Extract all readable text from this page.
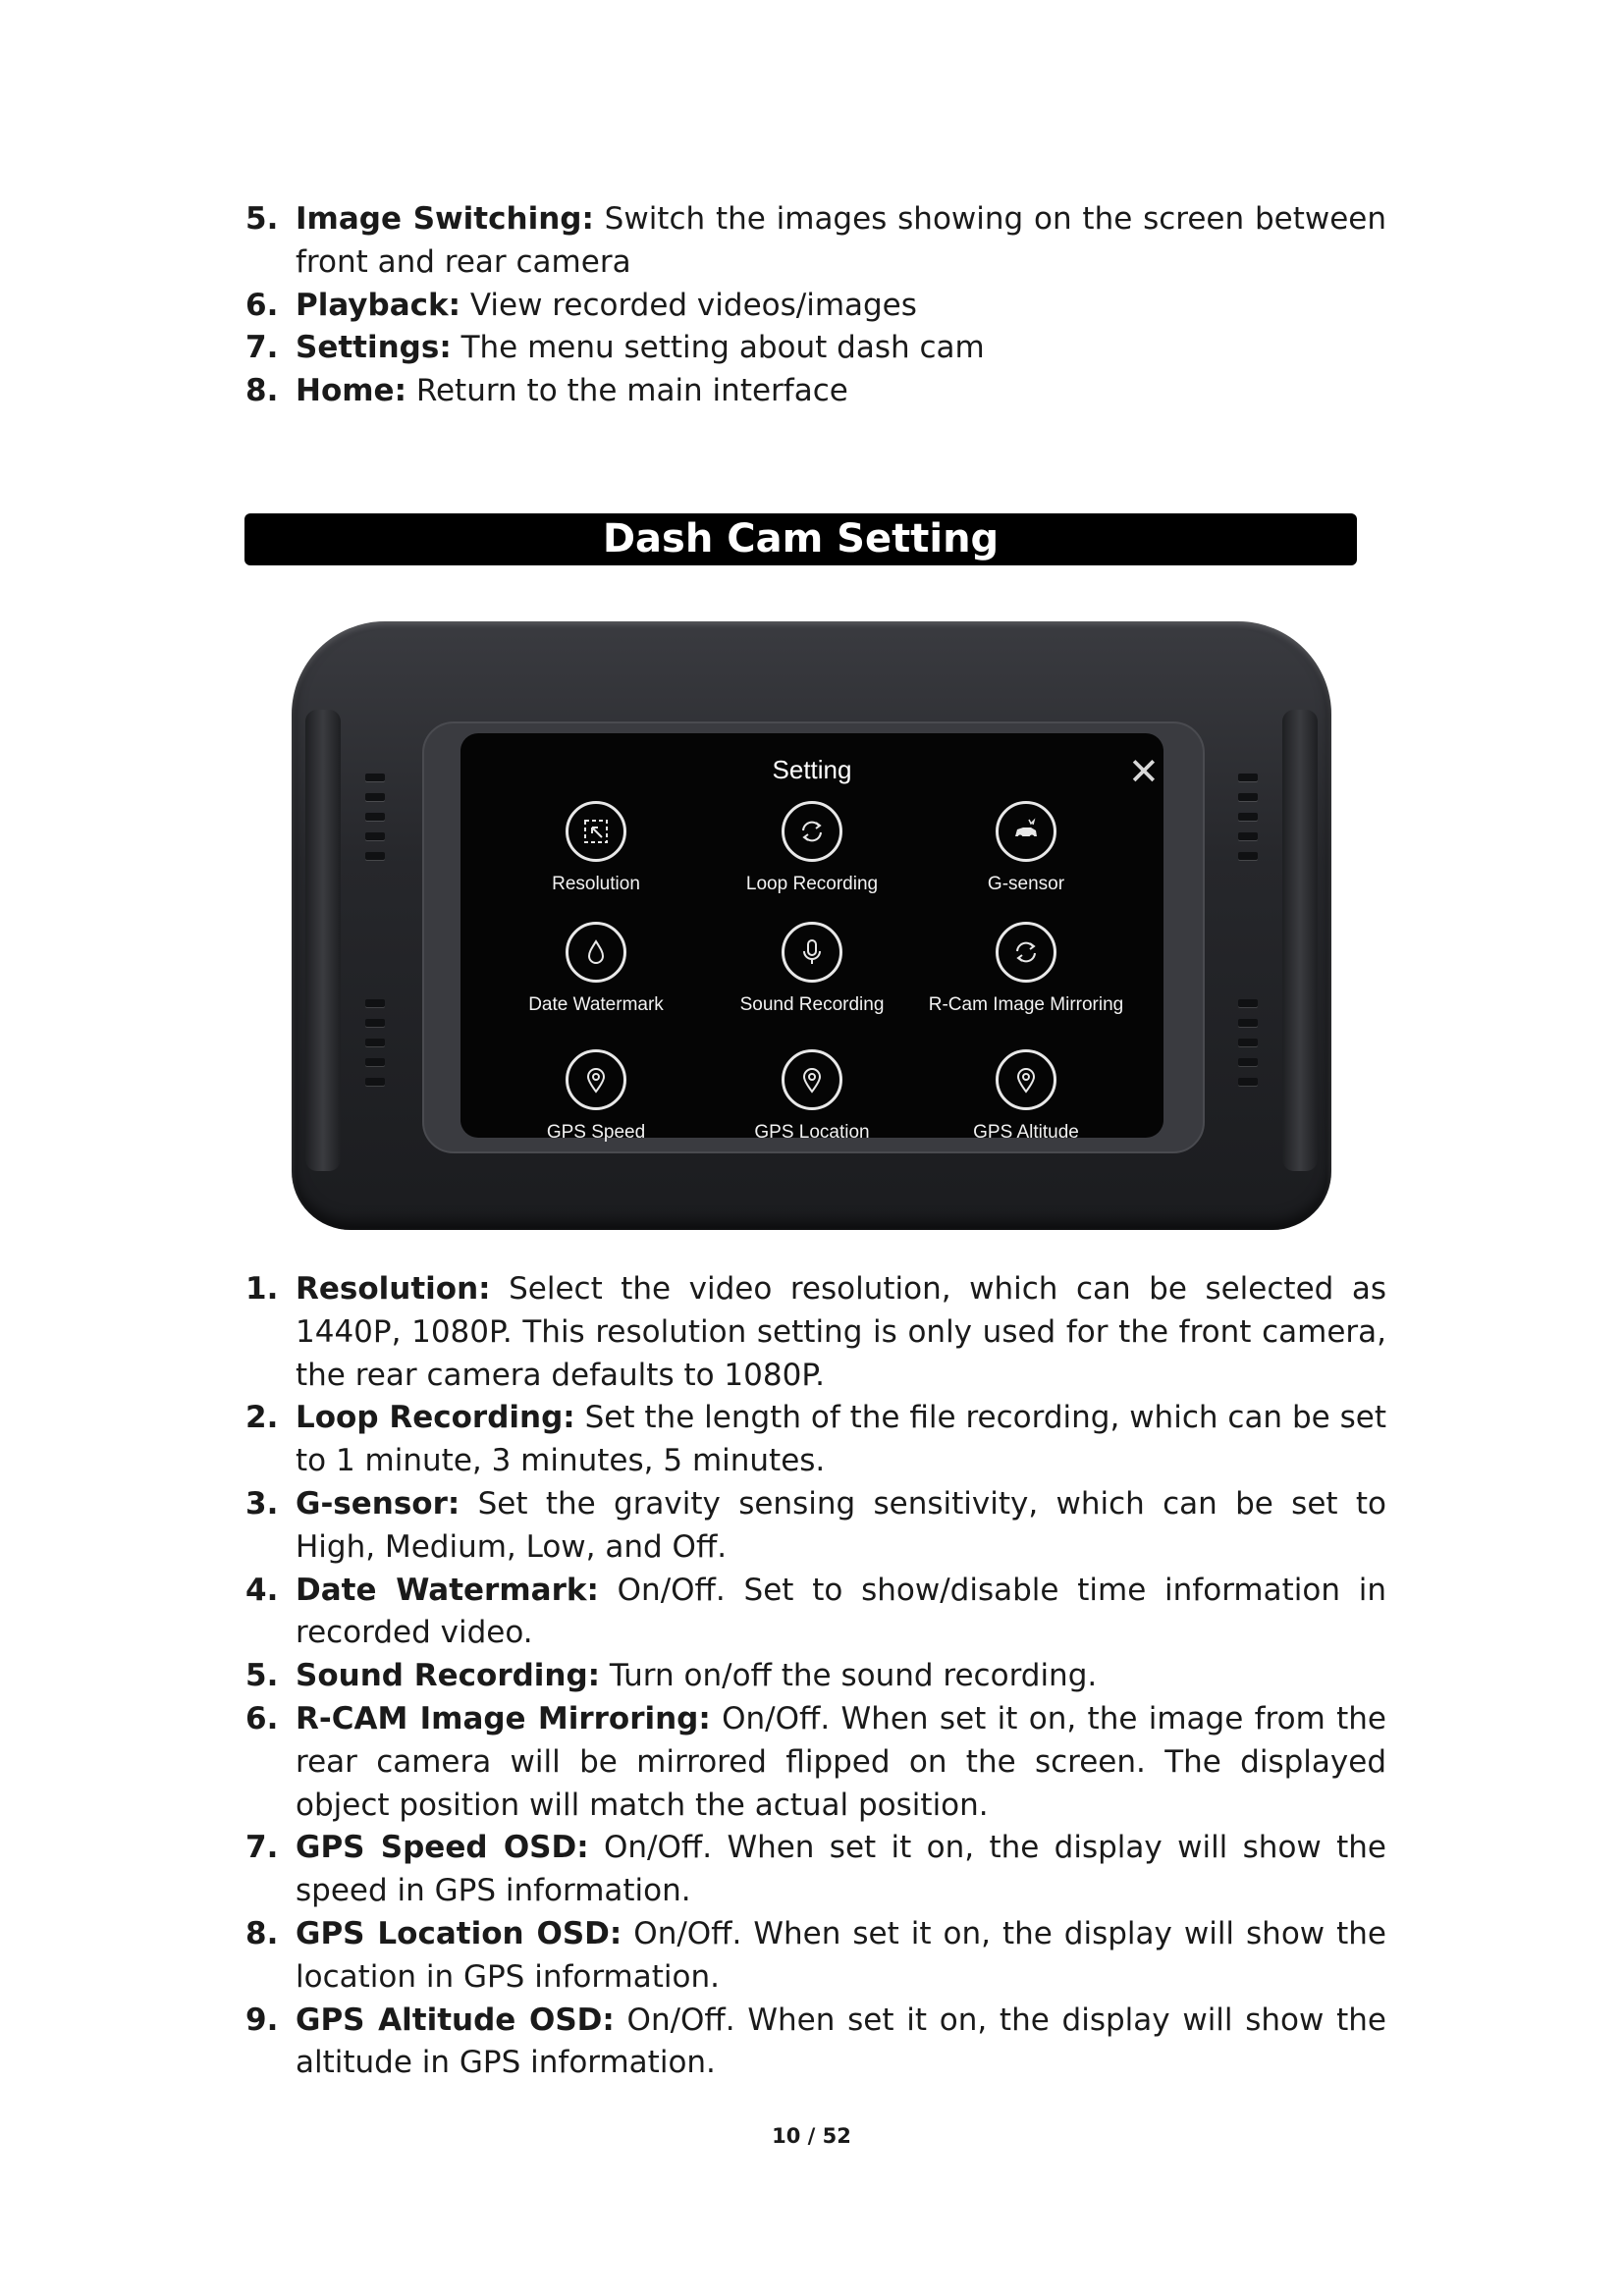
5. Image Switching: Switch the images showing on the screen between front and rear camera
6. Playback: View recorded videos/images
7. Settings: The menu setting about dash cam
8. Home: Return to the main interface
Dash Cam Setting
Setting	✕
Resolution	Loop Recording	G-sensor
Date Watermark	Sound Recording	R-Cam Image Mirroring
GPS Speed	GPS Location	GPS Altitude
1. Resolution: Select the video resolution, which can be selected as 1440P, 1080P. This resolution setting is only used for the front camera, the rear camera defaults to 1080P.
2. Loop Recording: Set the length of the file recording, which can be set to 1 minute, 3 minutes, 5 minutes.
3. G-sensor: Set the gravity sensing sensitivity, which can be set to High, Medium, Low, and Off.
4. Date Watermark: On/Off. Set to show/disable time information in recorded video.
5. Sound Recording: Turn on/off the sound recording.
6. R-CAM Image Mirroring: On/Off. When set it on, the image from the rear camera will be mirrored flipped on the screen. The displayed object position will match the actual position.
7. GPS Speed OSD: On/Off. When set it on, the display will show the speed in GPS information.
8. GPS Location OSD: On/Off. When set it on, the display will show the location in GPS information.
9. GPS Altitude OSD: On/Off. When set it on, the display will show the altitude in GPS information.
10 / 52
